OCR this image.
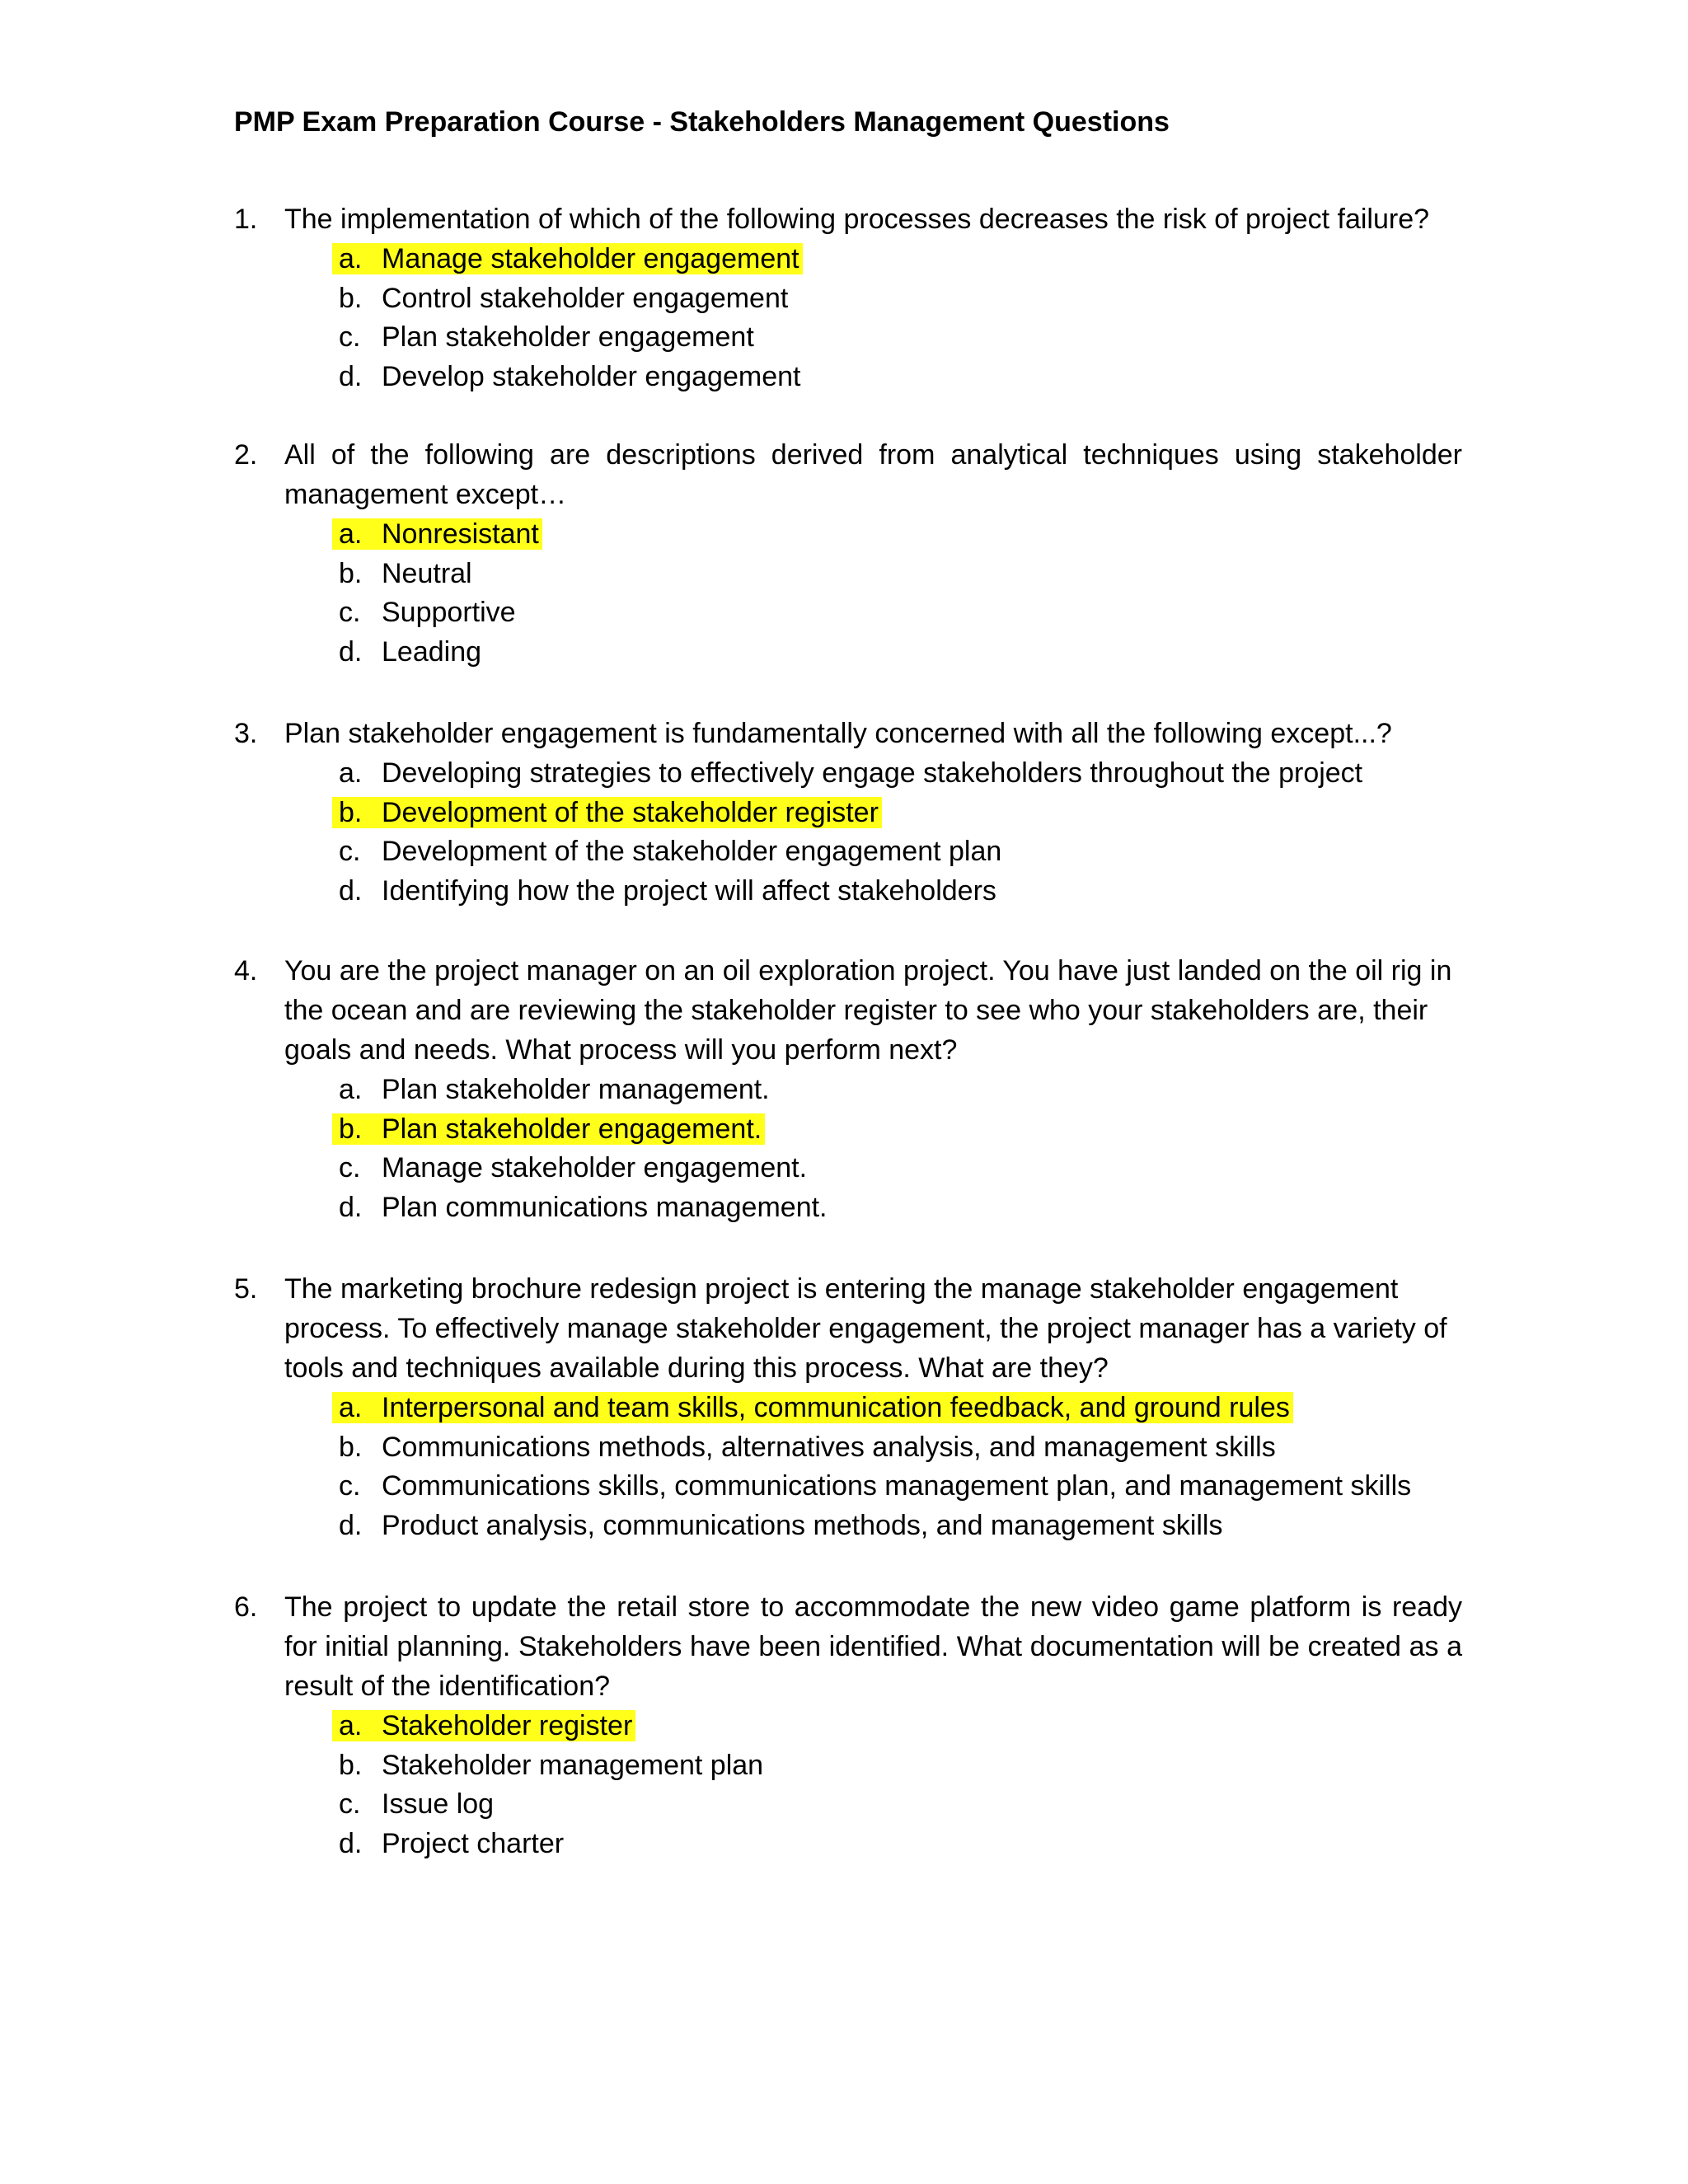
PMP Exam Preparation Course - Stakeholders Management Questions
1. The implementation of which of the following processes decreases the risk of project failure?
a. Manage stakeholder engagement
b. Control stakeholder engagement
c. Plan stakeholder engagement
d. Develop stakeholder engagement
2. All of the following are descriptions derived from analytical techniques using stakeholder management except…
a. Nonresistant
b. Neutral
c. Supportive
d. Leading
3. Plan stakeholder engagement is fundamentally concerned with all the following except...?
a. Developing strategies to effectively engage stakeholders throughout the project
b. Development of the stakeholder register
c. Development of the stakeholder engagement plan
d. Identifying how the project will affect stakeholders
4. You are the project manager on an oil exploration project. You have just landed on the oil rig in the ocean and are reviewing the stakeholder register to see who your stakeholders are, their goals and needs. What process will you perform next?
a. Plan stakeholder management.
b. Plan stakeholder engagement.
c. Manage stakeholder engagement.
d. Plan communications management.
5. The marketing brochure redesign project is entering the manage stakeholder engagement process. To effectively manage stakeholder engagement, the project manager has a variety of tools and techniques available during this process. What are they?
a. Interpersonal and team skills, communication feedback, and ground rules
b. Communications methods, alternatives analysis, and management skills
c. Communications skills, communications management plan, and management skills
d. Product analysis, communications methods, and management skills
6. The project to update the retail store to accommodate the new video game platform is ready for initial planning. Stakeholders have been identified. What documentation will be created as a result of the identification?
a. Stakeholder register
b. Stakeholder management plan
c. Issue log
d. Project charter
